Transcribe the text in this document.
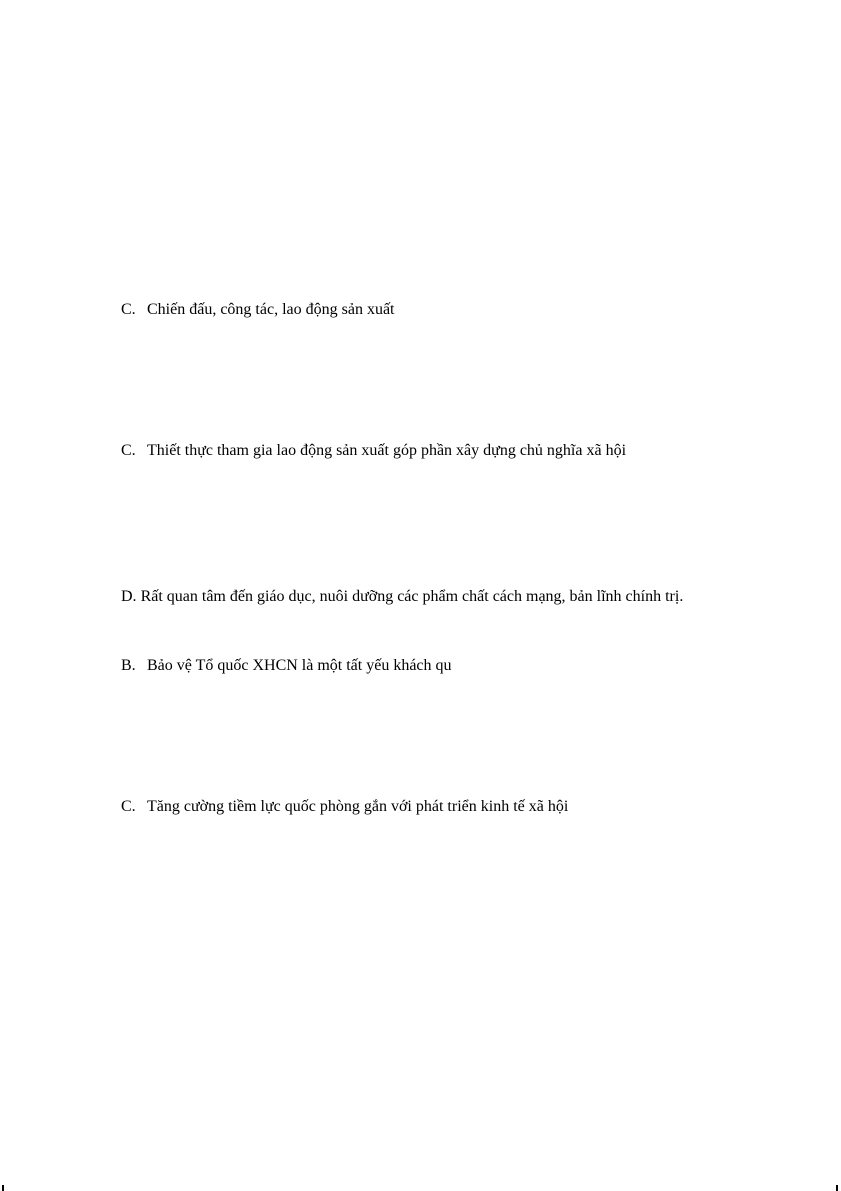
C. Chiến đấu, công tác, lao động sản xuất
C. Thiết thực tham gia lao động sản xuất góp phần xây dựng chủ nghĩa xã hội
D. Rất quan tâm đến giáo dục, nuôi dưỡng các phẩm chất cách mạng, bản lĩnh chính trị.
B. Bảo vệ Tổ quốc XHCN là một tất yếu khách qu
C. Tăng cường tiềm lực quốc phòng gắn với phát triển kinh tế xã hội
